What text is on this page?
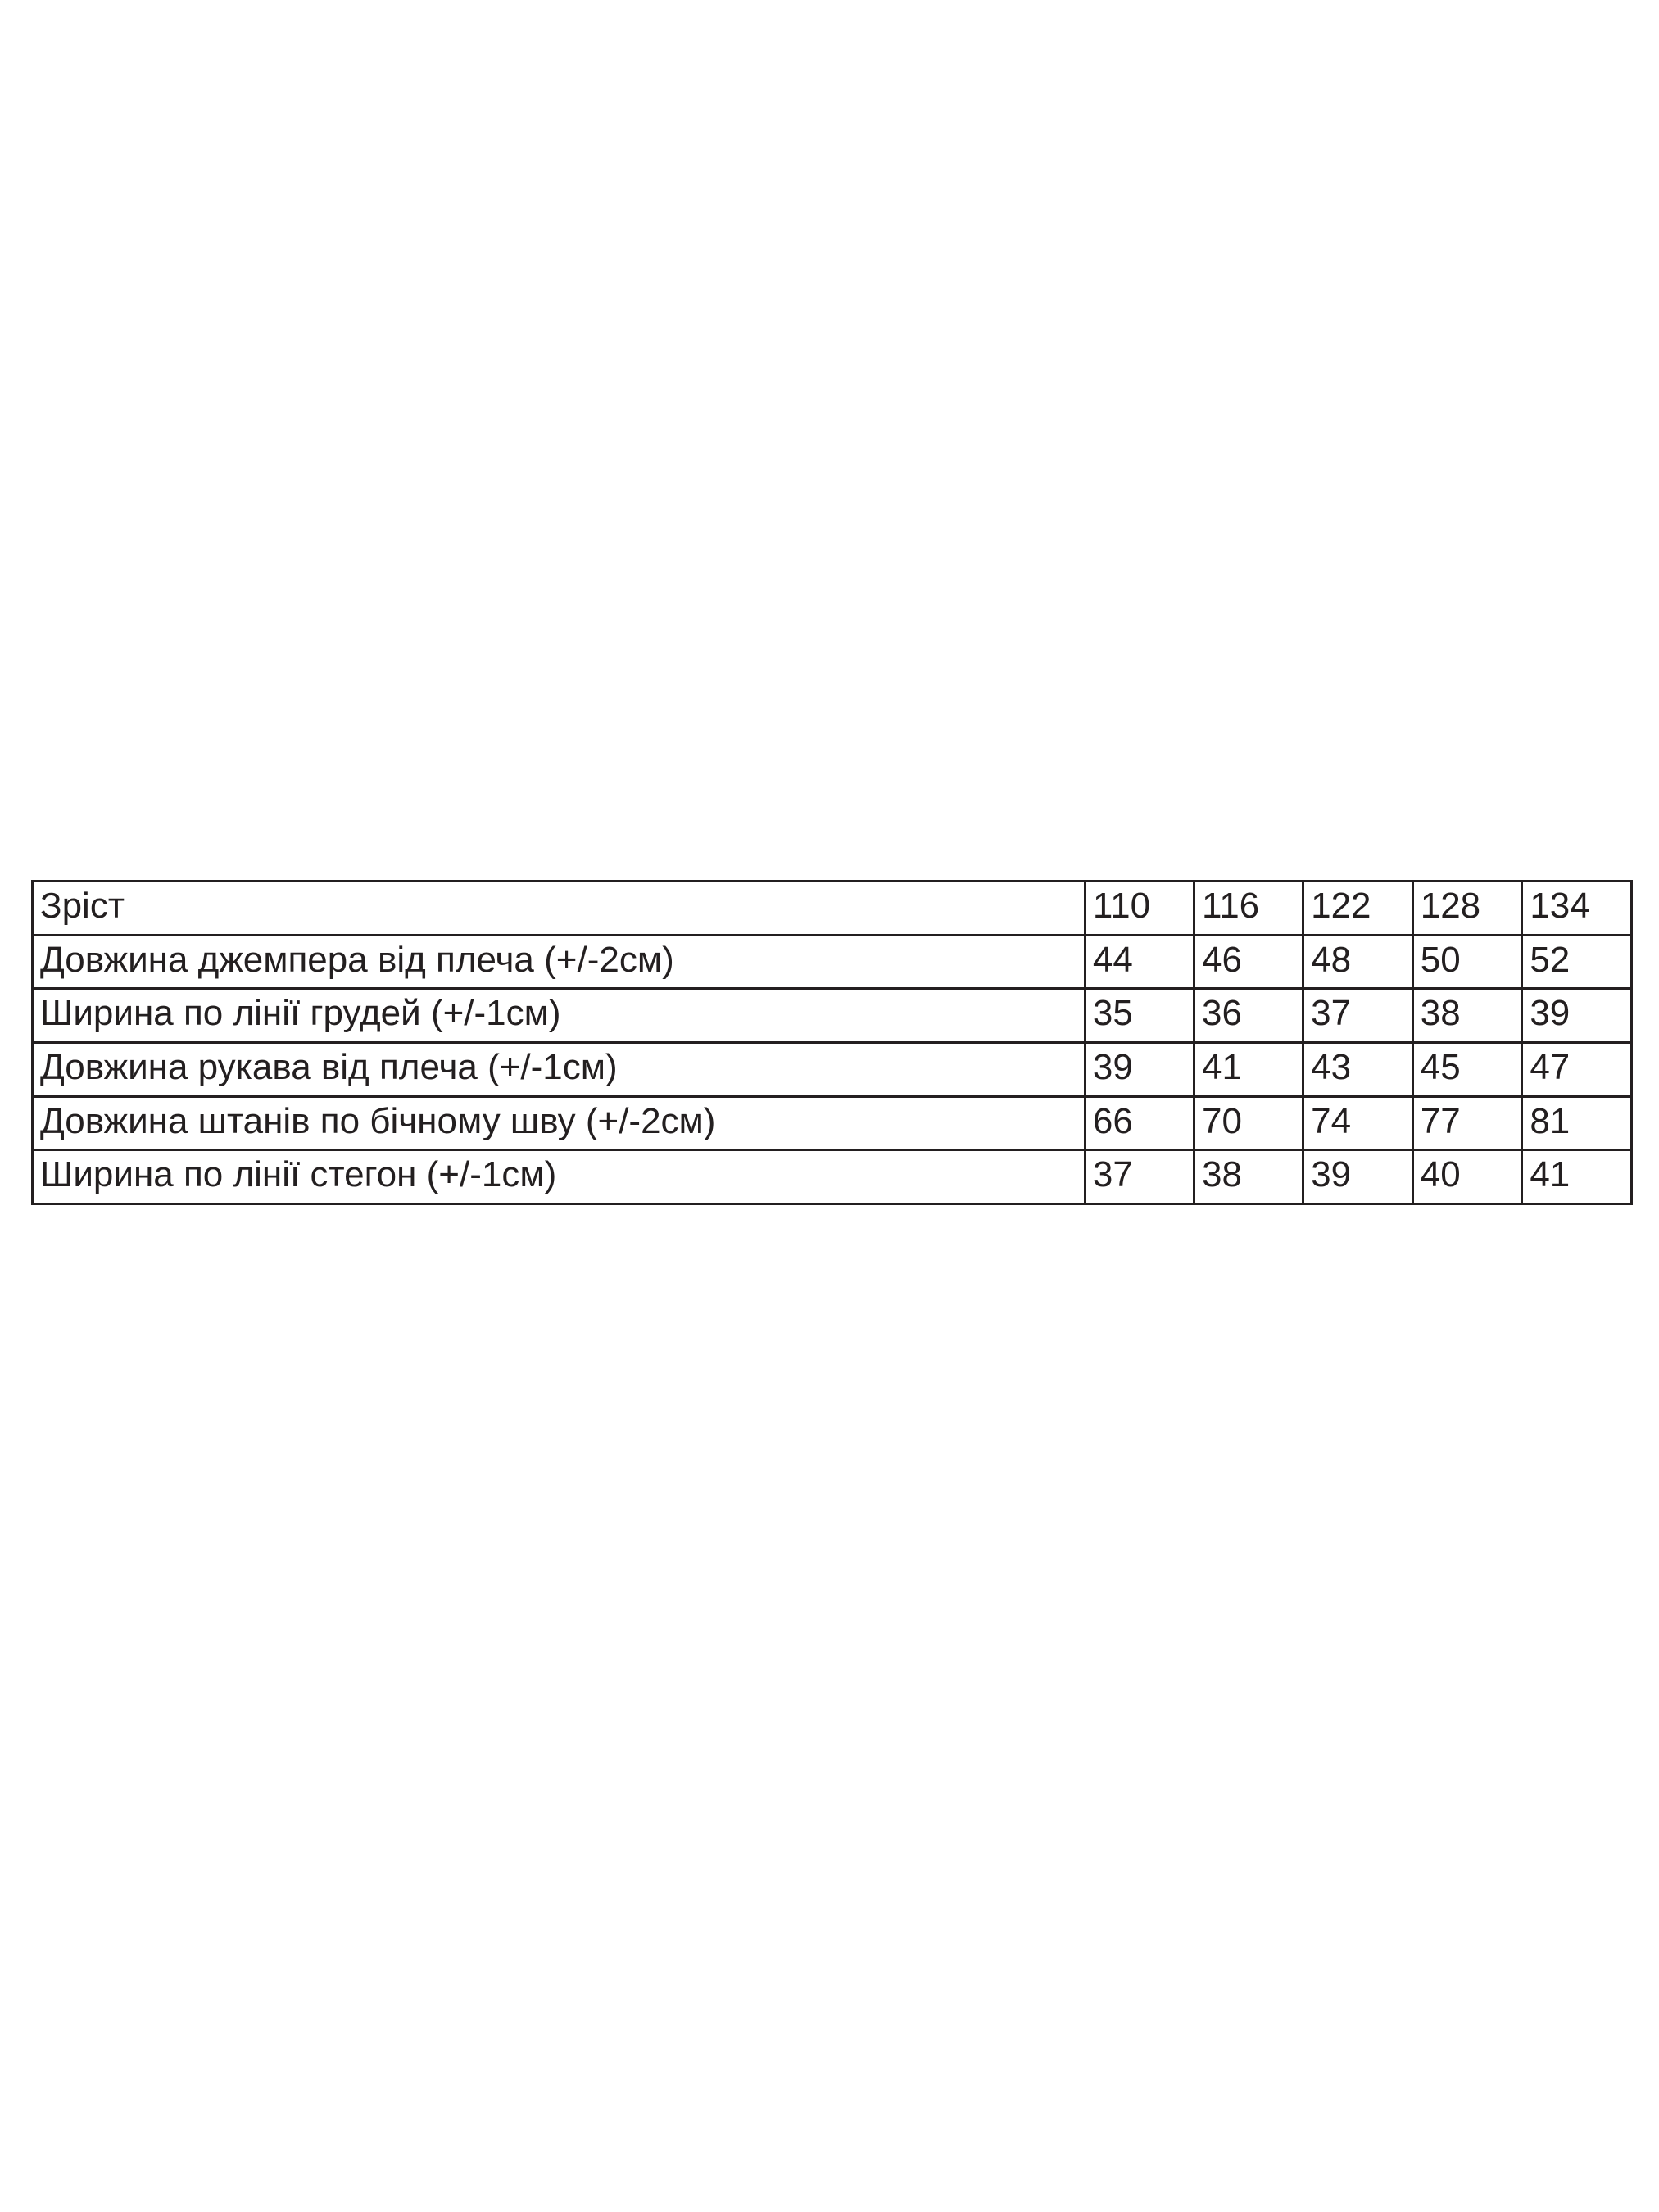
Зріст	110	116	122	128	134
Довжина джемпера від плеча (+/-2см)	44	46	48	50	52
Ширина по лінії грудей (+/-1см)	35	36	37	38	39
Довжина рукава від плеча (+/-1см)	39	41	43	45	47
Довжина штанів по бічному шву (+/-2см)	66	70	74	77	81
Ширина по лінії стегон (+/-1см)	37	38	39	40	41
